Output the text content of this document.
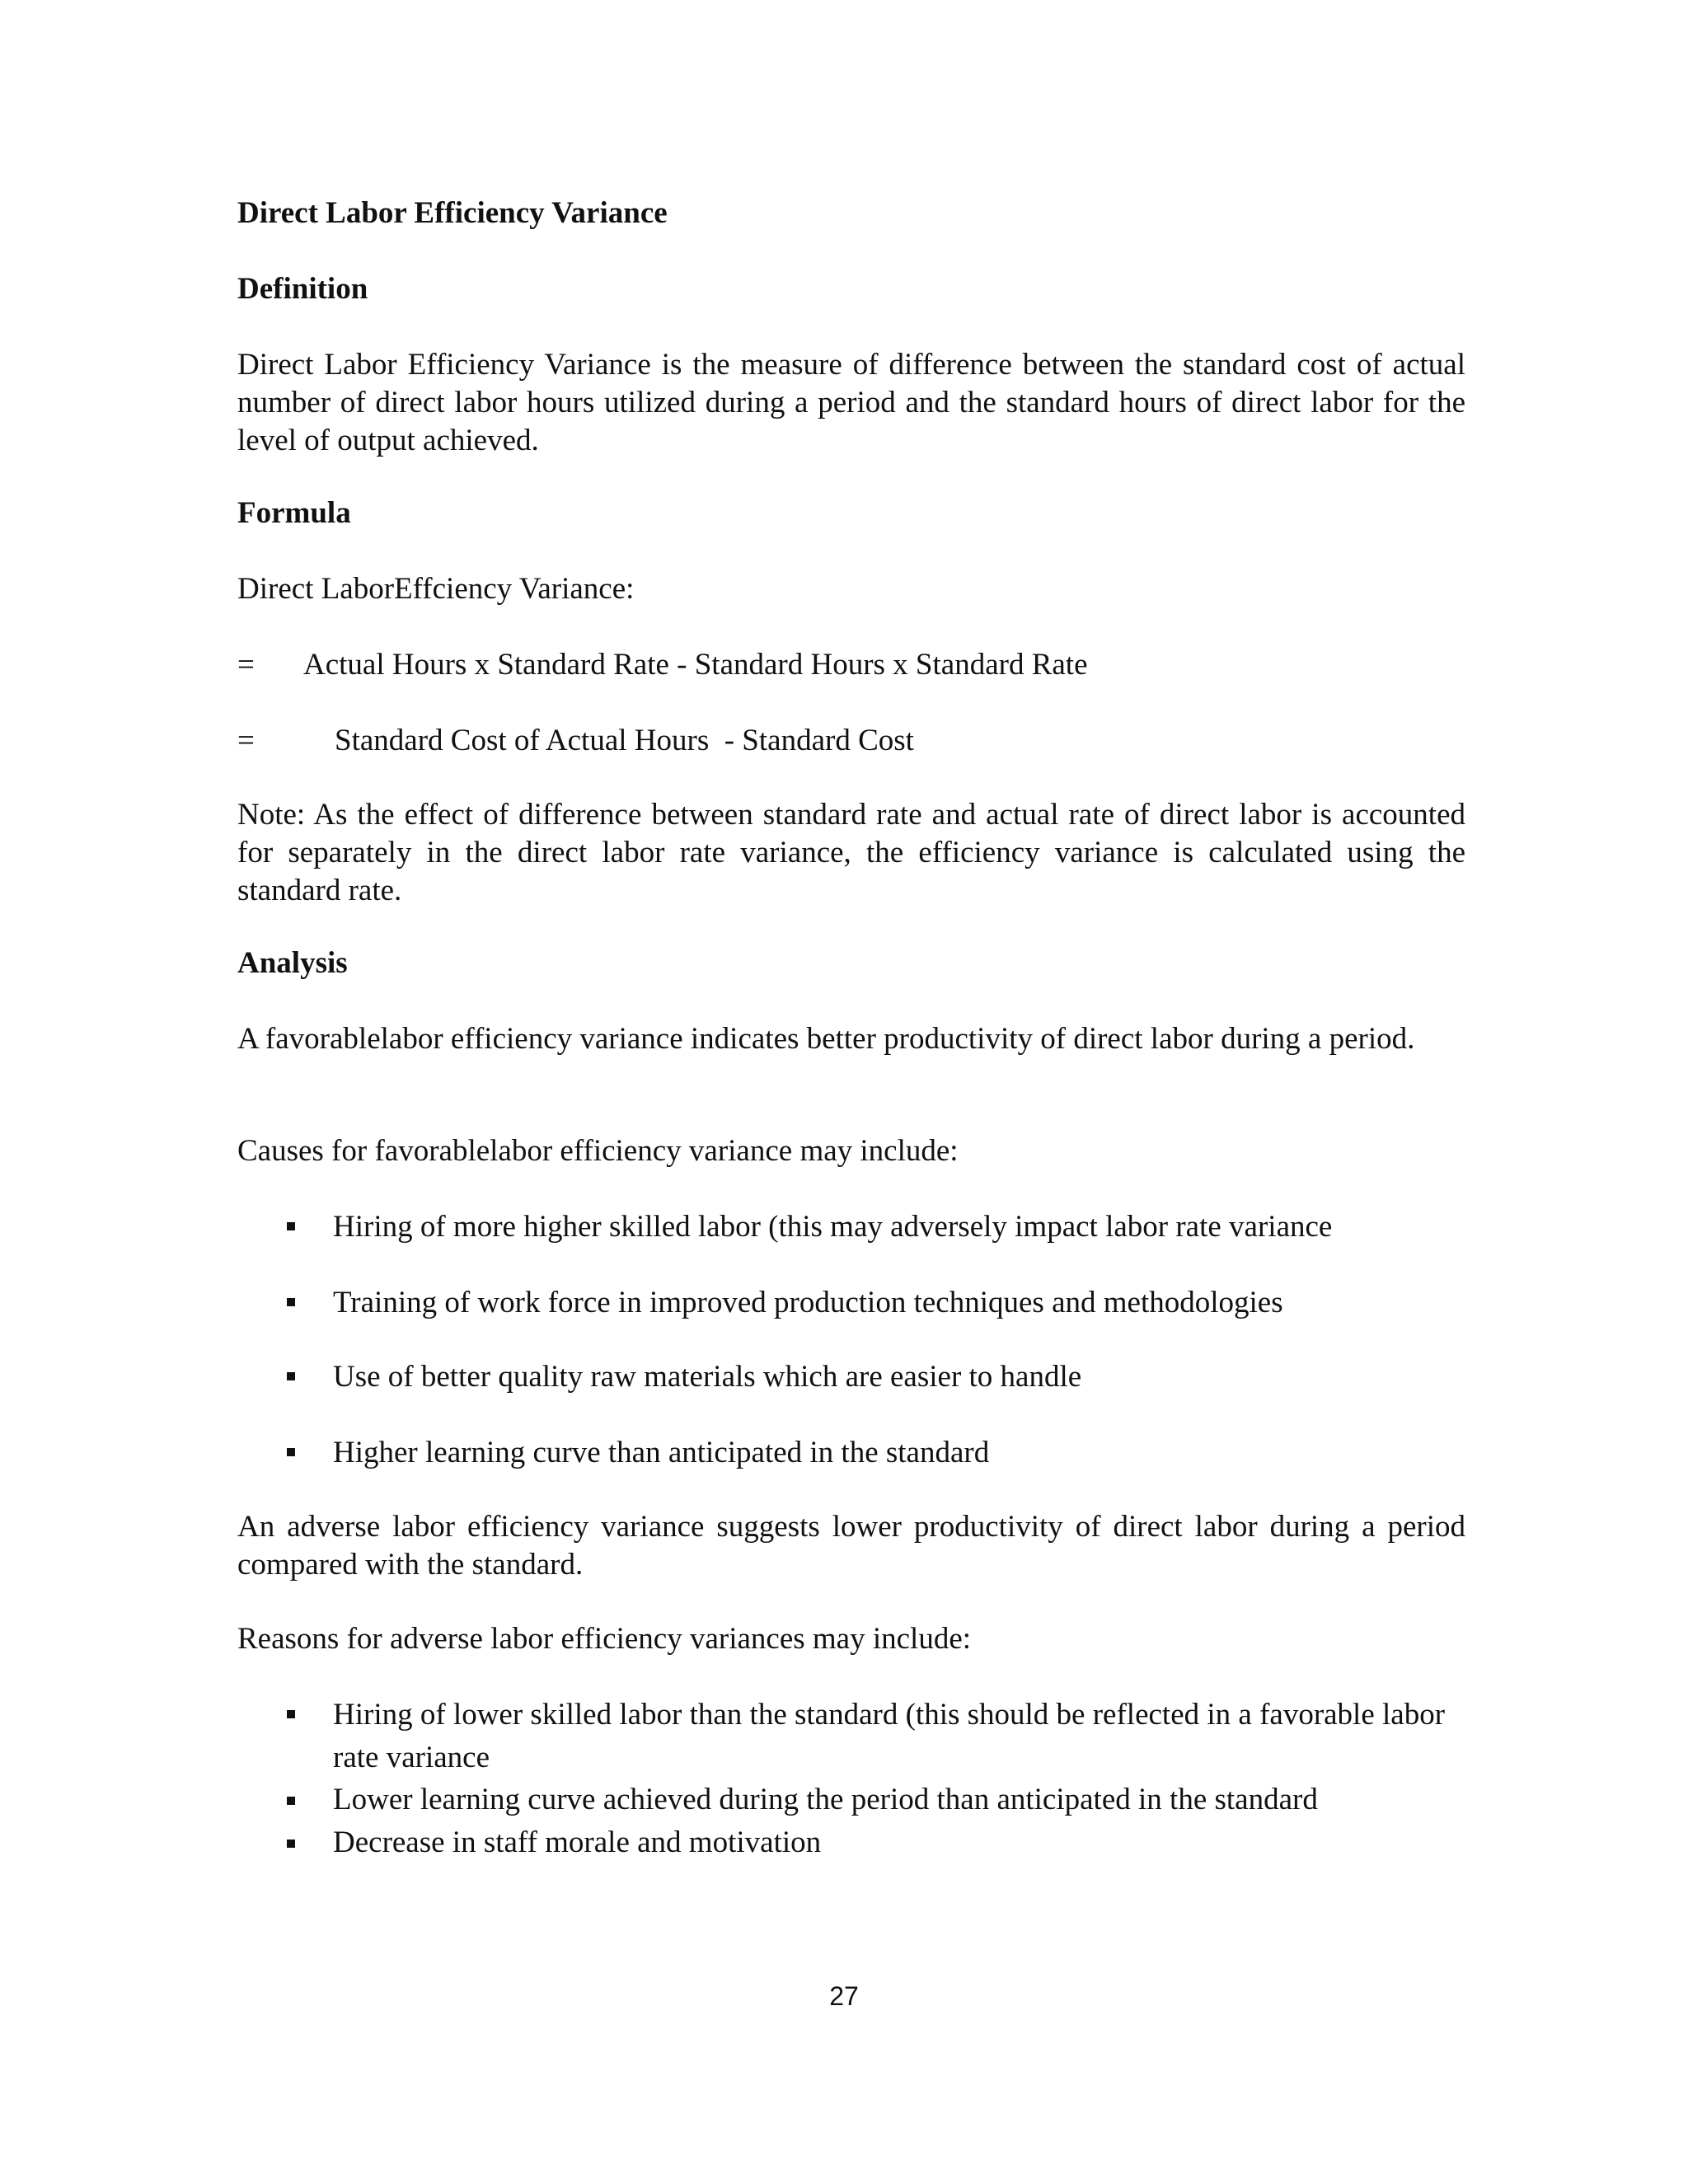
Direct Labor Efficiency Variance
Definition

Direct Labor Efficiency Variance is the measure of difference between the standard cost of actual number of direct labor hours utilized during a period and the standard hours of direct labor for the level of output achieved.

Formula
Direct LaborEffciency Variance:
= Actual Hours x Standard Rate - Standard Hours x Standard Rate
=	Standard Cost of Actual Hours  - Standard Cost

Note: As the effect of difference between standard rate and actual rate of direct labor is accounted for separately in the direct labor rate variance, the efficiency variance is calculated using the standard rate.

Analysis

A favorablelabor efficiency variance indicates better productivity of direct labor during a period.

Causes for favorablelabor efficiency variance may include:
Hiring of more higher skilled labor (this may adversely impact labor rate variance
Training of work force in improved production techniques and methodologies
Use of better quality raw materials which are easier to handle
Higher learning curve than anticipated in the standard

An adverse labor efficiency variance suggests lower productivity of direct labor during a period compared with the standard.

Reasons for adverse labor efficiency variances may include:
Hiring of lower skilled labor than the standard (this should be reflected in a favorable labor rate variance
Lower learning curve achieved during the period than anticipated in the standard
Decrease in staff morale and motivation
27
